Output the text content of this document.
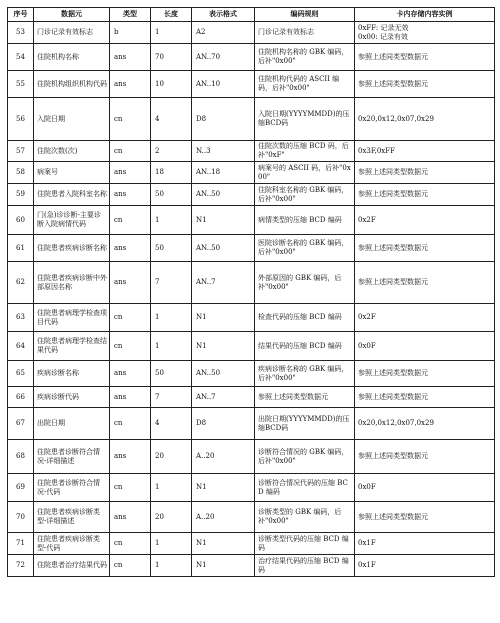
序号	数据元	类型	长度	表示格式	编码规则	卡内存储内容实例
53	门诊记录有效标志	b	1	A2	门诊记录有效标志	0xFF: 记录无效
0x00: 记录有效
54	住院机构名称	ans	70	AN..70	住院机构名称的 GBK 编码，后补"0x00"	参照上述同类型数据元
55	住院机构组织机构代码	ans	10	AN..10	住院机构代码的 ASCII 编码，后补"0x00"	参照上述同类型数据元
56	入院日期	cn	4	D8	入院日期(YYYYMMDD)的压缩BCD码	0x20,0x12,0x07,0x29
57	住院次数(次)	cn	2	N..3	住院次数的压缩 BCD 码，后补"0xF"	0x3F,0xFF
58	病案号	ans	18	AN..18	病案号的 ASCII 码，后补"0x00"	参照上述同类型数据元
59	住院患者入院科室名称	ans	50	AN..50	住院科室名称的 GBK 编码，后补"0x00"	参照上述同类型数据元
60	门(急)诊诊断-主要诊断入院病情代码	cn	1	N1	病情类型的压缩 BCD 编码	0x2F
61	住院患者疾病诊断名称	ans	50	AN..50	医院诊断名称的 GBK 编码，后补"0x00"	参照上述同类型数据元
62	住院患者疾病诊断中外部原因名称	ans	7	AN..7	外部原因的 GBK 编码，后补"0x00"	参照上述同类型数据元
63	住院患者病理学检查项目代码	cn	1	N1	检查代码的压缩 BCD 编码	0x2F
64	住院患者病理学检查结果代码	cn	1	N1	结果代码的压缩 BCD 编码	0x0F
65	疾病诊断名称	ans	50	AN..50	疾病诊断名称的 GBK 编码，后补"0x00"	参照上述同类型数据元
66	疾病诊断代码	ans	7	AN..7	参照上述同类型数据元	参照上述同类型数据元
67	出院日期	cn	4	D8	出院日期(YYYYMMDD)的压缩BCD码	0x20,0x12,0x07,0x29
68	住院患者诊断符合情况-详细描述	ans	20	A..20	诊断符合情况的 GBK 编码，后补"0x00"	参照上述同类型数据元
69	住院患者诊断符合情况-代码	cn	1	N1	诊断符合情况代码的压缩 BCD 编码	0x0F
70	住院患者疾病诊断类型-详细描述	ans	20	A..20	诊断类型的 GBK 编码，后补"0x00"	参照上述同类型数据元
71	住院患者疾病诊断类型-代码	cn	1	N1	诊断类型代码的压缩 BCD 编码	0x1F
72	住院患者治疗结果代码	cn	1	N1	治疗结果代码的压缩 BCD 编码	0x1F
